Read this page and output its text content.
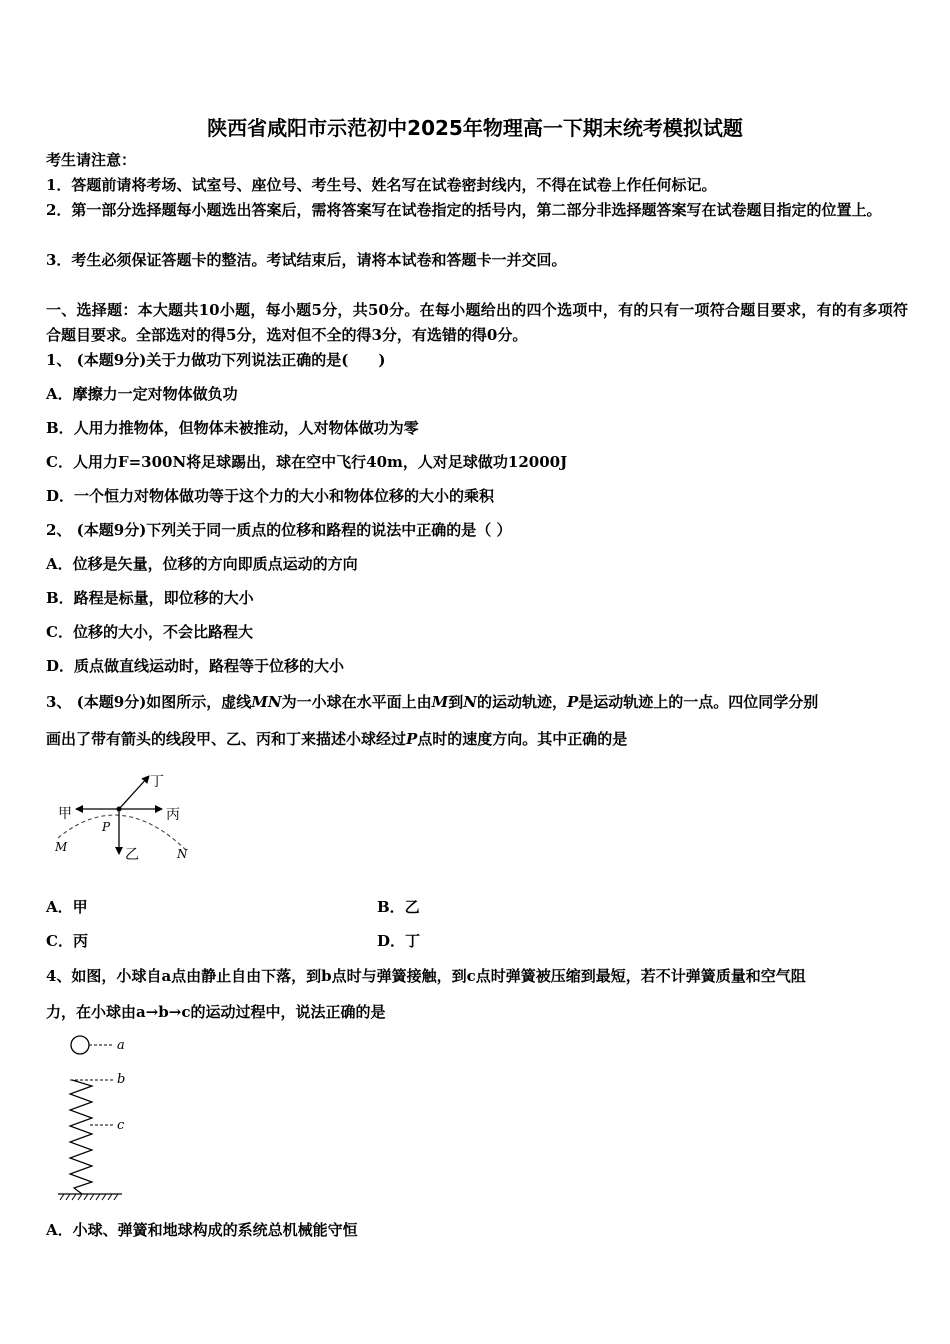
陕西省咸阳市示范初中2025年物理高一下期末统考模拟试题
考生请注意：
1．答题前请将考场、试室号、座位号、考生号、姓名写在试卷密封线内，不得在试卷上作任何标记。
2．第一部分选择题每小题选出答案后，需将答案写在试卷指定的括号内，第二部分非选择题答案写在试卷题目指定的位置上。
3．考生必须保证答题卡的整洁。考试结束后，请将本试卷和答题卡一并交回。
一、选择题：本大题共10小题，每小题5分，共50分。在每小题给出的四个选项中，有的只有一项符合题目要求，有的有多项符合题目要求。全部选对的得5分，选对但不全的得3分，有选错的得0分。
1、 (本题9分)关于力做功下列说法正确的是(　　)
A．摩擦力一定对物体做负功
B．人用力推物体，但物体未被推动，人对物体做功为零
C．人用力F=300N将足球踢出，球在空中飞行40m，人对足球做功12000J
D．一个恒力对物体做功等于这个力的大小和物体位移的大小的乘积
2、 (本题9分)下列关于同一质点的位移和路程的说法中正确的是（ ）
A．位移是矢量，位移的方向即质点运动的方向
B．路程是标量，即位移的大小
C．位移的大小，不会比路程大
D．质点做直线运动时，路程等于位移的大小
3、 (本题9分)如图所示，虚线MN为一小球在水平面上由M到N的运动轨迹，P是运动轨迹上的一点。四位同学分别
画出了带有箭头的线段甲、乙、丙和丁来描述小球经过P点时的速度方向。其中正确的是
甲	丙
乙
丁
P
M	N
A．甲	B．乙
C．丙	D．丁
4、如图，小球自a点由静止自由下落，到b点时与弹簧接触，到c点时弹簧被压缩到最短，若不计弹簧质量和空气阻
力，在小球由a→b→c的运动过程中，说法正确的是
a
b
c
A．小球、弹簧和地球构成的系统总机械能守恒
